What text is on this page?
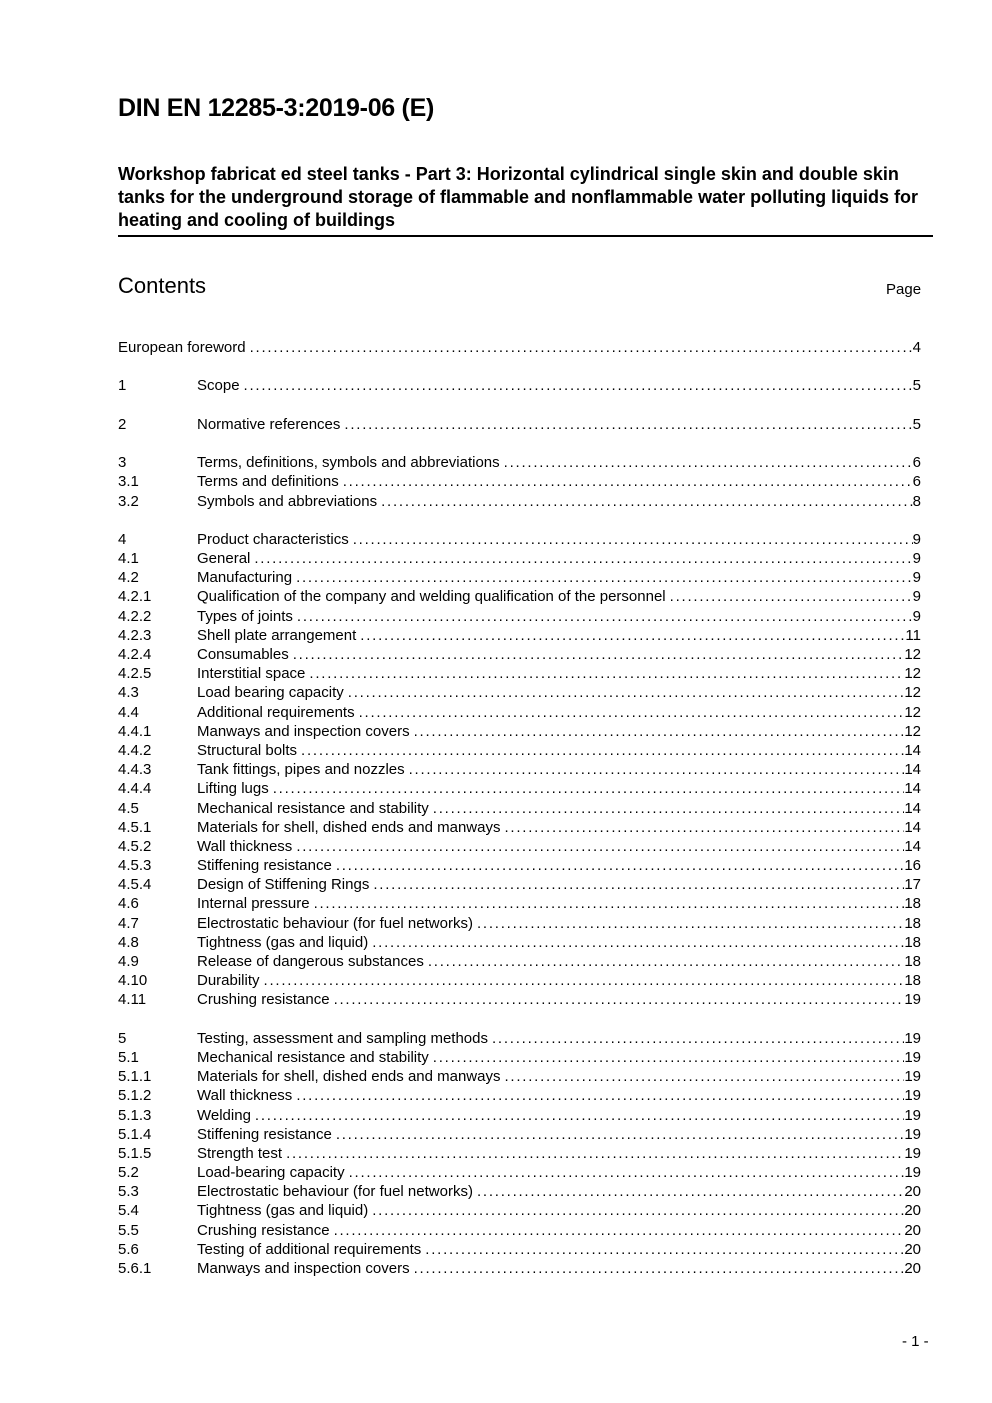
DIN EN 12285-3:2019-06 (E)
Workshop fabricat ed steel tanks - Part 3: Horizontal cylindrical single skin and double skin tanks for the underground storage of flammable and nonflammable water polluting liquids for heating and cooling of buildings
Contents	Page
European foreword . . .	4
1	Scope . . .	5
2	Normative references . . .	5
3	Terms, definitions, symbols and abbreviations . . .	6
3.1	Terms and definitions . . .	6
3.2	Symbols and abbreviations . . .	8
4	Product characteristics . . .	9
4.1	General . . .	9
4.2	Manufacturing . . .	9
4.2.1	Qualification of the company and welding qualification of the personnel . . .	9
4.2.2	Types of joints . . .	9
4.2.3	Shell plate arrangement . . .	11
4.2.4	Consumables . . .	12
4.2.5	Interstitial space . . .	12
4.3	Load bearing capacity . . .	12
4.4	Additional requirements . . .	12
4.4.1	Manways and inspection covers . . .	12
4.4.2	Structural bolts . . .	14
4.4.3	Tank fittings, pipes and nozzles . . .	14
4.4.4	Lifting lugs . . .	14
4.5	Mechanical resistance and stability . . .	14
4.5.1	Materials for shell, dished ends and manways . . .	14
4.5.2	Wall thickness . . .	14
4.5.3	Stiffening resistance . . .	16
4.5.4	Design of Stiffening Rings . . .	17
4.6	Internal pressure . . .	18
4.7	Electrostatic behaviour (for fuel networks) . . .	18
4.8	Tightness (gas and liquid) . . .	18
4.9	Release of dangerous substances . . .	18
4.10	Durability . . .	18
4.11	Crushing resistance . . .	19
5	Testing, assessment and sampling methods . . .	19
5.1	Mechanical resistance and stability . . .	19
5.1.1	Materials for shell, dished ends and manways . . .	19
5.1.2	Wall thickness . . .	19
5.1.3	Welding . . .	19
5.1.4	Stiffening resistance . . .	19
5.1.5	Strength test . . .	19
5.2	Load-bearing capacity . . .	19
5.3	Electrostatic behaviour (for fuel networks) . . .	20
5.4	Tightness (gas and liquid) . . .	20
5.5	Crushing resistance . . .	20
5.6	Testing of additional requirements . . .	20
5.6.1	Manways and inspection covers . . .	20
- 1 -
